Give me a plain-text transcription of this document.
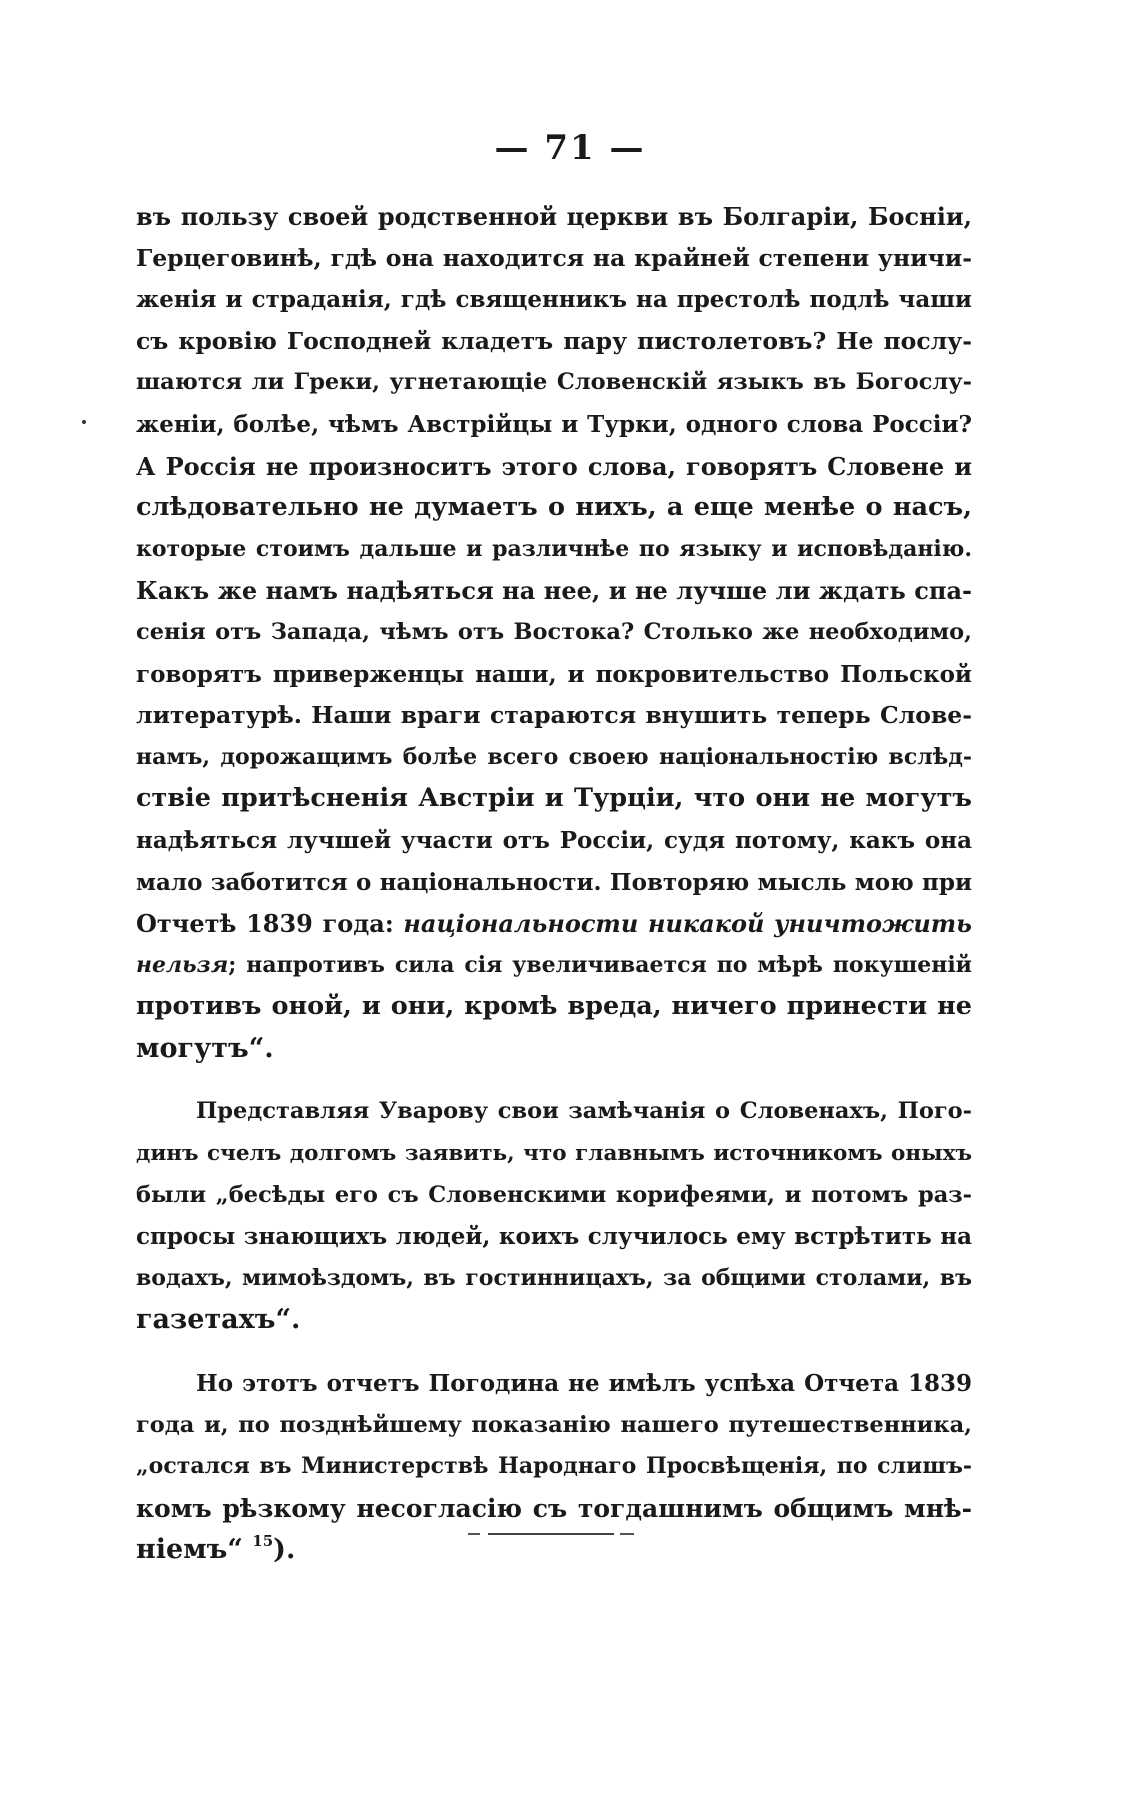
— 71 —
въ пользу своей родственной церкви въ Болгаріи, Босніи,
Герцеговинѣ, гдѣ она находится на крайней степени уничи-
женія и страданія, гдѣ священникъ на престолѣ подлѣ чаши
съ кровію Господней кладетъ пару пистолетовъ? Не послу-
шаются ли Греки, угнетающіе Словенскій языкъ въ Богослу-
женіи, болѣе, чѣмъ Австрійцы и Турки, одного слова Россіи?
А Россія не произноситъ этого слова, говорятъ Словене и
слѣдовательно не думаетъ о нихъ, а еще менѣе о насъ,
которые стоимъ дальше и различнѣе по языку и исповѣданію.
Какъ же намъ надѣяться на нее, и не лучше ли ждать спа-
сенія отъ Запада, чѣмъ отъ Востока? Столько же необходимо,
говорятъ приверженцы наши, и покровительство Польской
литературѣ. Наши враги стараются внушить теперь Слове-
намъ, дорожащимъ болѣе всего своею національностію вслѣд-
ствіе притѣсненія Австріи и Турціи, что они не могутъ
надѣяться лучшей участи отъ Россіи, судя потому, какъ она
мало заботится о національности. Повторяю мысль мою при
Отчетѣ 1839 года: національности никакой уничтожить
нельзя; напротивъ сила сія увеличивается по мѣрѣ покушеній
противъ оной, и они, кромѣ вреда, ничего принести не
могутъ“.
Представляя Уварову свои замѣчанія о Словенахъ, Пого-
динъ счелъ долгомъ заявить, что главнымъ источникомъ оныхъ
были „бесѣды его съ Словенскими корифеями, и потомъ раз-
спросы знающихъ людей, коихъ случилось ему встрѣтить на
водахъ, мимоѣздомъ, въ гостинницахъ, за общими столами, въ
газетахъ“.
Но этотъ отчетъ Погодина не имѣлъ успѣха Отчета 1839
года и, по позднѣйшему показанію нашего путешественника,
„остался въ Министерствѣ Народнаго Просвѣщенія, по слишъ-
комъ рѣзкому несогласію съ тогдашнимъ общимъ мнѣ-
ніемъ“ $^{15}$).
